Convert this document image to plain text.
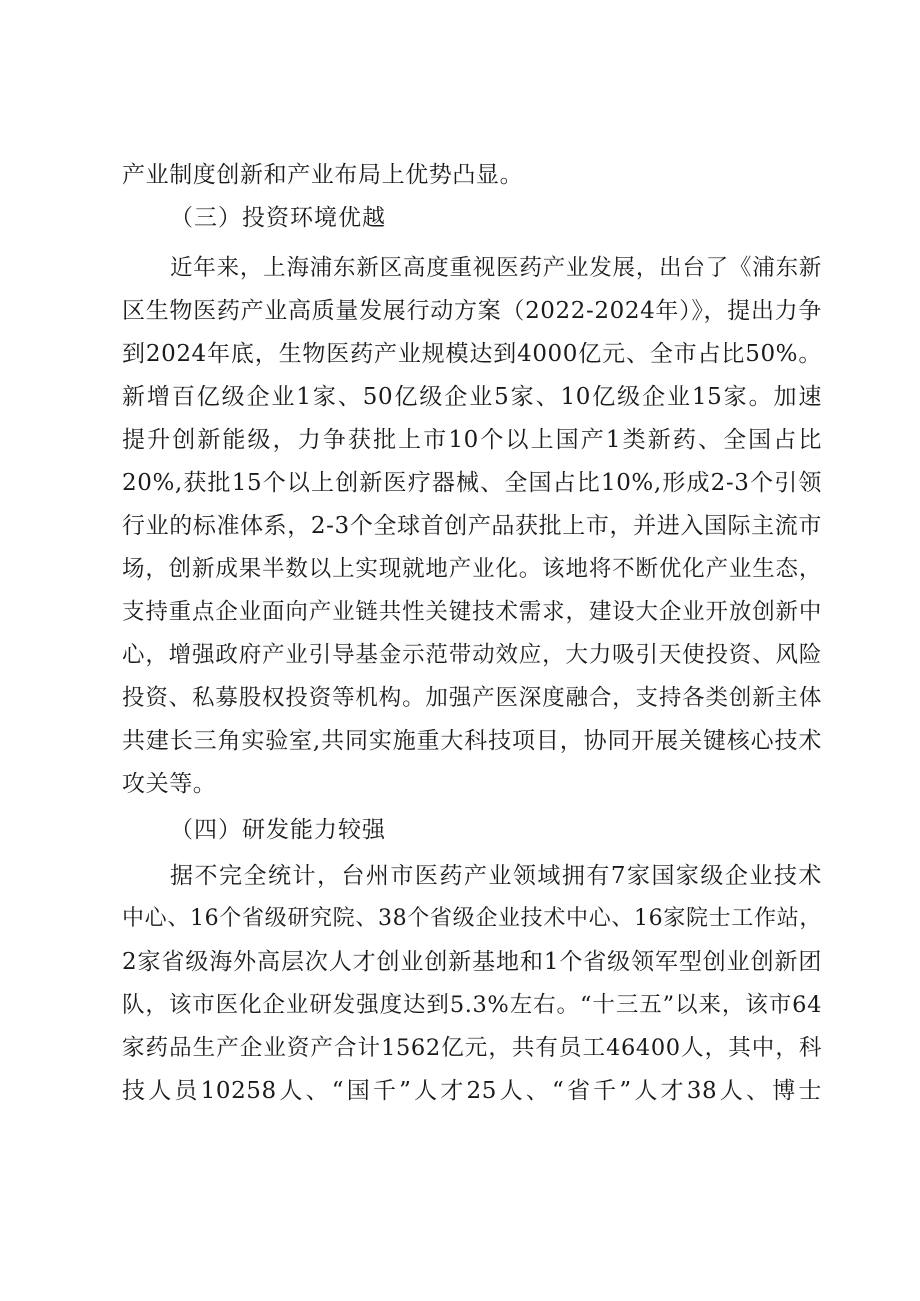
产业制度创新和产业布局上优势凸显。
（三）投资环境优越
近年来，上海浦东新区高度重视医药产业发展，出台了《浦东新
区生物医药产业高质量发展行动方案（2022-2024年）》，提出力争
到2024年底，生物医药产业规模达到4000亿元、全市占比50%。
新增百亿级企业1家、50亿级企业5家、10亿级企业15家。加速
提升创新能级，力争获批上市10个以上国产1类新药、全国占比
20%,获批15个以上创新医疗器械、全国占比10%,形成2-3个引领
行业的标准体系，2-3个全球首创产品获批上市，并进入国际主流市
场，创新成果半数以上实现就地产业化。该地将不断优化产业生态，
支持重点企业面向产业链共性关键技术需求，建设大企业开放创新中
心，增强政府产业引导基金示范带动效应，大力吸引天使投资、风险
投资、私募股权投资等机构。加强产医深度融合，支持各类创新主体
共建长三角实验室,共同实施重大科技项目，协同开展关键核心技术
攻关等。
（四）研发能力较强
据不完全统计，台州市医药产业领域拥有7家国家级企业技术
中心、16个省级研究院、38个省级企业技术中心、16家院士工作站，
2家省级海外高层次人才创业创新基地和1个省级领军型创业创新团
队，该市医化企业研发强度达到5.3%左右。“十三五”以来，该市64
家药品生产企业资产合计1562亿元，共有员工46400人，其中，科
技人员10258人、“国千”人才25人、“省千”人才38人、博士
